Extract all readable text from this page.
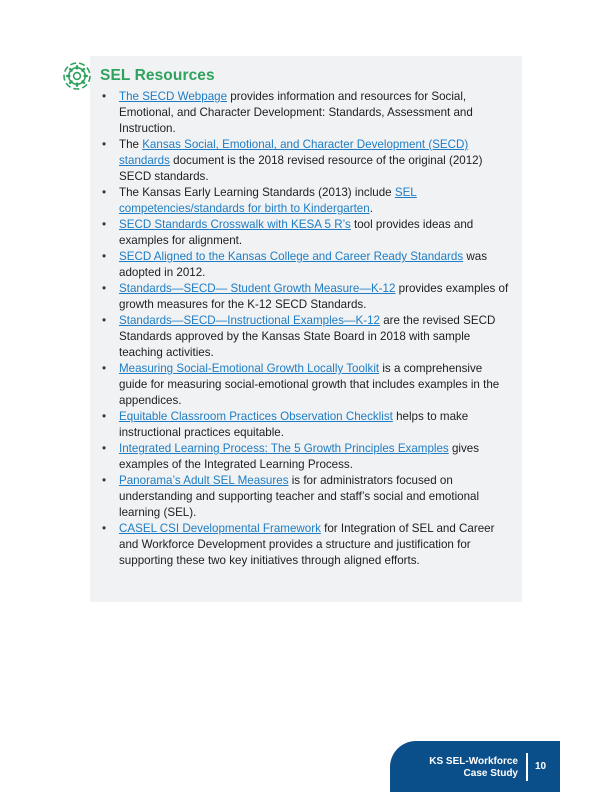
SEL Resources
• The SECD Webpage provides information and resources for Social, Emotional, and Character Development: Standards, Assessment and Instruction.
• The Kansas Social, Emotional, and Character Development (SECD) standards document is the 2018 revised resource of the original (2012) SECD standards.
• The Kansas Early Learning Standards (2013) include SEL competencies/standards for birth to Kindergarten.
• SECD Standards Crosswalk with KESA 5 R’s tool provides ideas and examples for alignment.
• SECD Aligned to the Kansas College and Career Ready Standards was adopted in 2012.
• Standards—SECD— Student Growth Measure—K-12 provides examples of growth measures for the K-12 SECD Standards.
• Standards—SECD—Instructional Examples—K-12 are the revised SECD Standards approved by the Kansas State Board in 2018 with sample teaching activities.
• Measuring Social-Emotional Growth Locally Toolkit is a comprehensive guide for measuring social-emotional growth that includes examples in the appendices.
• Equitable Classroom Practices Observation Checklist helps to make instructional practices equitable.
• Integrated Learning Process: The 5 Growth Principles Examples gives examples of the Integrated Learning Process.
• Panorama’s Adult SEL Measures is for administrators focused on understanding and supporting teacher and staff’s social and emotional learning (SEL).
• CASEL CSI Developmental Framework for Integration of SEL and Career and Workforce Development provides a structure and justification for supporting these two key initiatives through aligned efforts.
KS SEL-Workforce
Case Study
10
